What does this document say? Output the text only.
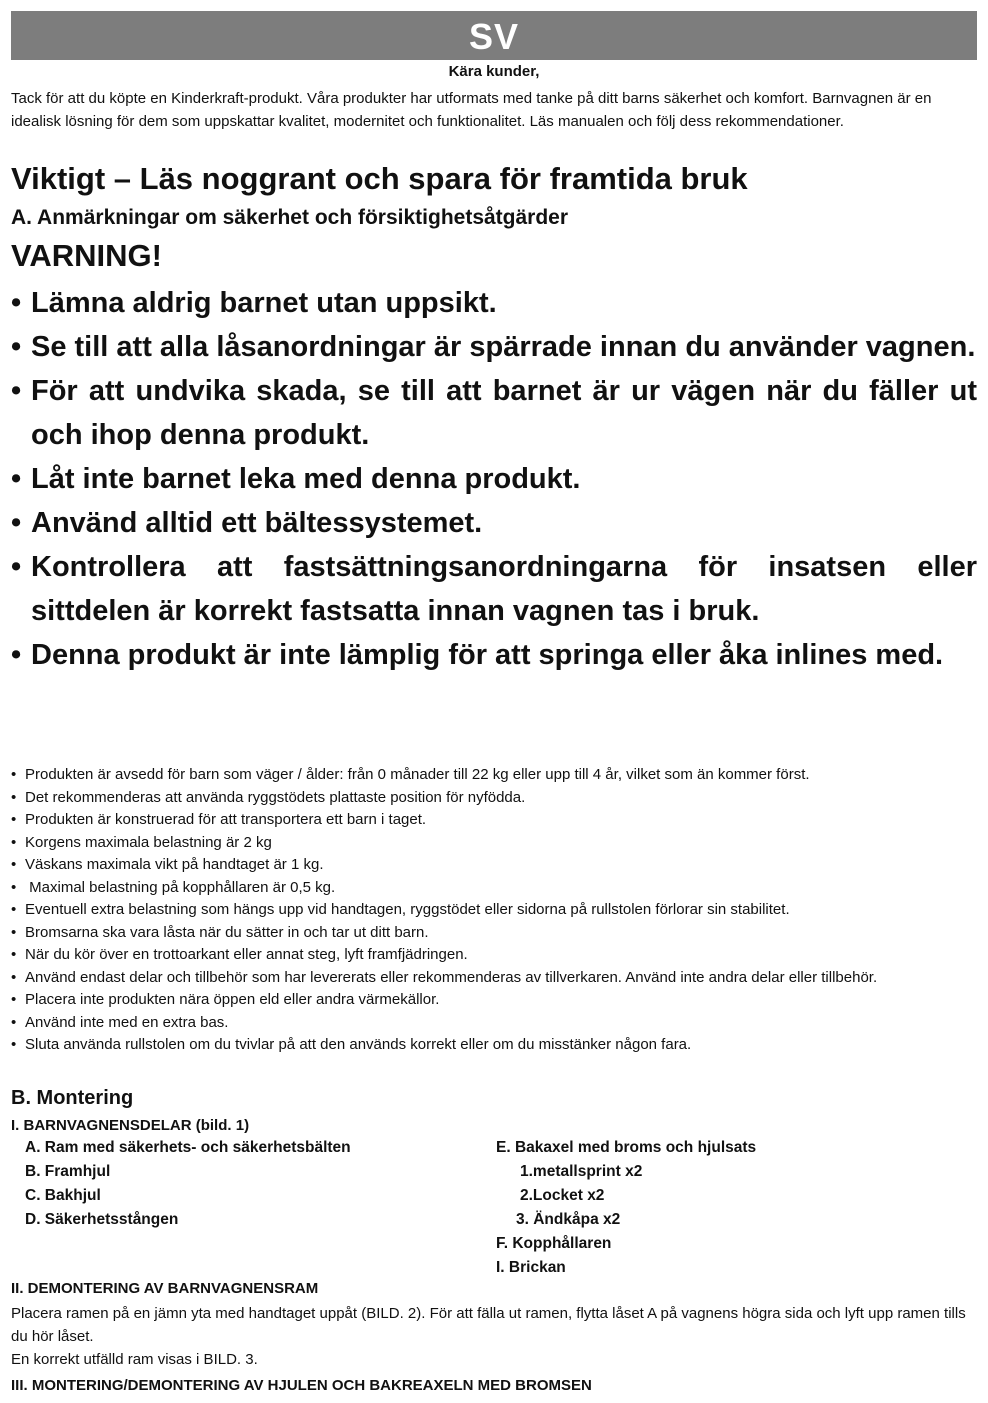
SV
Kära kunder,

Tack för att du köpte en Kinderkraft-produkt. Våra produkter har utformats med tanke på ditt barns säkerhet och komfort. Barnvagnen är en idealisk lösning för dem som uppskattar kvalitet, modernitet och funktionalitet. Läs manualen och följ dess rekommendationer.

Viktigt – Läs noggrant och spara för framtida bruk
A. Anmärkningar om säkerhet och försiktighetsåtgärder
VARNING!
• Lämna aldrig barnet utan uppsikt.
• Se till att alla låsanordningar är spärrade innan du använder vagnen.
• För att undvika skada, se till att barnet är ur vägen när du fäller ut och ihop denna produkt.
• Låt inte barnet leka med denna produkt.
• Använd alltid ett bältessystemet.
• Kontrollera att fastsättningsanordningarna för insatsen eller sittdelen är korrekt fastsatta innan vagnen tas i bruk.
• Denna produkt är inte lämplig för att springa eller åka inlines med.
• Produkten är avsedd för barn som väger / ålder: från 0 månader till 22 kg eller upp till 4 år, vilket som än kommer först.
• Det rekommenderas att använda ryggstödets plattaste position för nyfödda.
• Produkten är konstruerad för att transportera ett barn i taget.
• Korgens maximala belastning är 2 kg
• Väskans maximala vikt på handtaget är 1 kg.
• Maximal belastning på kopphållaren är 0,5 kg.
• Eventuell extra belastning som hängs upp vid handtagen, ryggstödet eller sidorna på rullstolen förlorar sin stabilitet.
• Bromsarna ska vara låsta när du sätter in och tar ut ditt barn.
• När du kör över en trottoarkant eller annat steg, lyft framfjädringen.
• Använd endast delar och tillbehör som har levererats eller rekommenderas av tillverkaren. Använd inte andra delar eller tillbehör.
• Placera inte produkten nära öppen eld eller andra värmekällor.
• Använd inte med en extra bas.
• Sluta använda rullstolen om du tvivlar på att den används korrekt eller om du misstänker någon fara.
B. Montering
I. BARNVAGNENSDELAR (bild. 1)
A. Ram med säkerhets- och säkerhetsbälten
B. Framhjul
C. Bakhjul
D. Säkerhetsstången
E. Bakaxel med broms och hjulsats
1.metallsprint x2
2.Locket x2
3. Ändkåpa x2
F. Kopphållaren
I. Brickan
II. DEMONTERING AV BARNVAGNENSRAM
Placera ramen på en jämn yta med handtaget uppåt (BILD. 2). För att fälla ut ramen, flytta låset A på vagnens högra sida och lyft upp ramen tills du hör låset.
En korrekt utfälld ram visas i BILD. 3.
III. MONTERING/DEMONTERING AV HJULEN OCH BAKREAXELN MED BROMSEN
